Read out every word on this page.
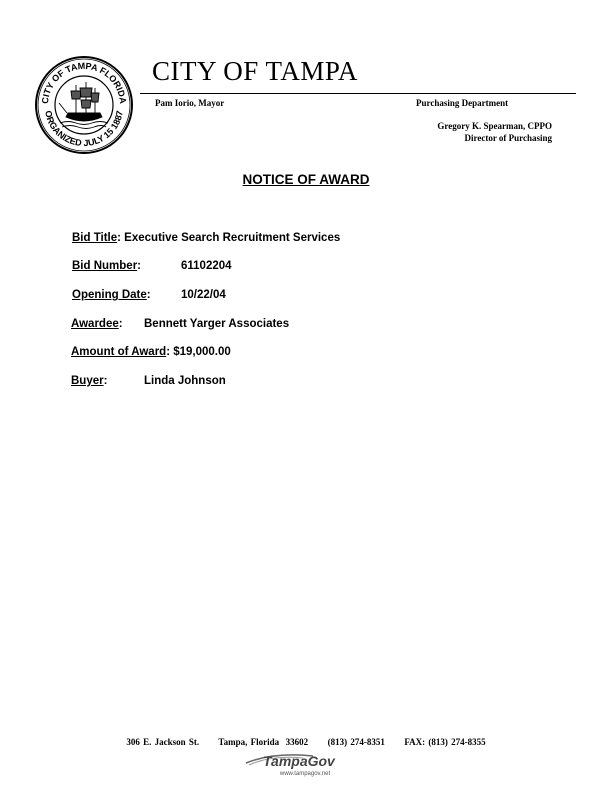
CITY OF TAMPA FLORIDA
ORGANIZED JULY 15 1887
CITY OF TAMPA
Pam Iorio, Mayor	Purchasing Department
Gregory K. Spearman, CPPO
Director of Purchasing
NOTICE OF AWARD
Bid Title: Executive Search Recruitment Services
Bid Number:	61102204
Opening Date:	10/22/04
Awardee: Bennett Yarger Associates
Amount of Award: $19,000.00
Buyer:	Linda Johnson
306 E. Jackson St.      Tampa, Florida  33602      (813) 274-8351      FAX: (813) 274-8355
TampaGov
www.tampagov.net
